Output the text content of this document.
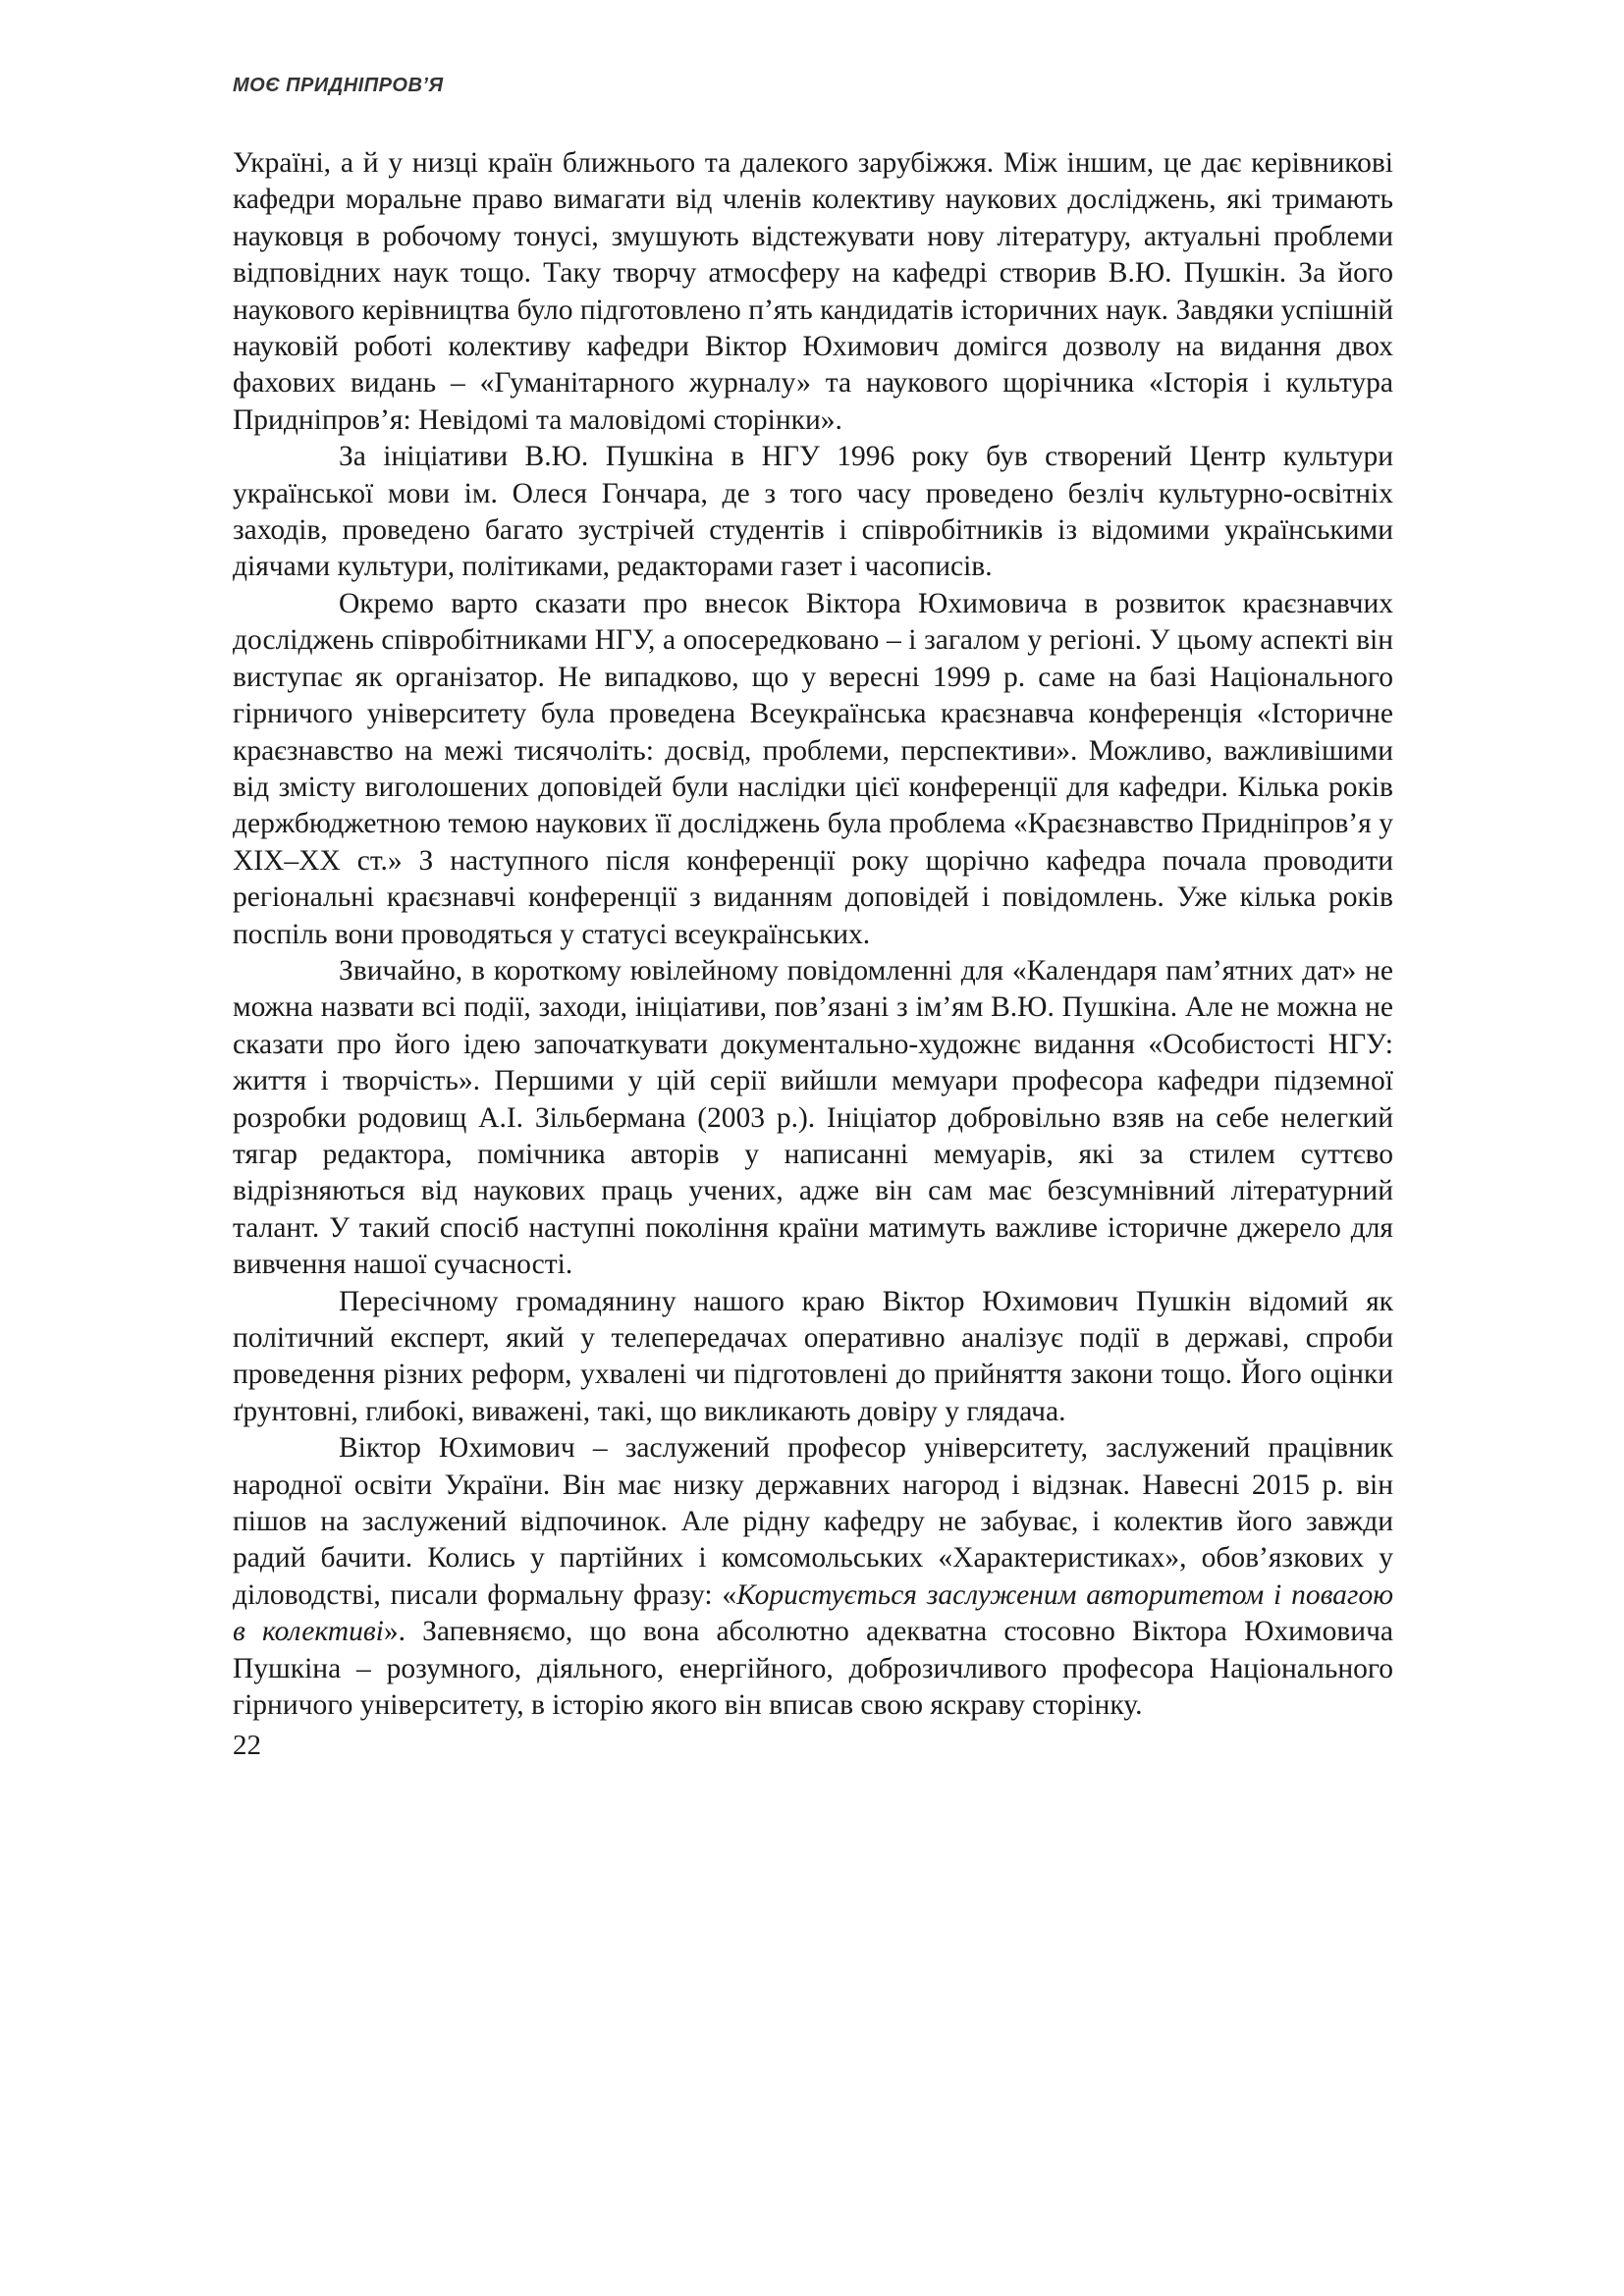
МОЄ ПРИДНІПРОВ’Я

Україні, а й у низці країн ближнього та далекого зарубіжжя. Між іншим, це дає керівникові кафедри моральне право вимагати від членів колективу наукових досліджень, які тримають науковця в робочому тонусі, змушують відстежувати нову літературу, актуальні проблеми відповідних наук тощо. Таку творчу атмосферу на кафедрі створив В.Ю. Пушкін. За його наукового керівництва було підготовлено п’ять кандидатів історичних наук. Завдяки успішній науковій роботі колективу кафедри Віктор Юхимович домігся дозволу на видання двох фахових видань – «Гуманітарного журналу» та наукового щорічника «Історія і культура Придніпров’я: Невідомі та маловідомі сторінки».

За ініціативи В.Ю. Пушкіна в НГУ 1996 року був створений Центр культури української мови ім. Олеся Гончара, де з того часу проведено безліч культурно-освітніх заходів, проведено багато зустрічей студентів і співробітників із відомими українськими діячами культури, політиками, редакторами газет і часописів.

Окремо варто сказати про внесок Віктора Юхимовича в розвиток краєзнавчих досліджень співробітниками НГУ, а опосередковано – і загалом у регіоні. У цьому аспекті він виступає як організатор. Не випадково, що у вересні 1999 р. саме на базі Національного гірничого університету була проведена Всеукраїнська краєзнавча конференція «Історичне краєзнавство на межі тисячоліть: досвід, проблеми, перспективи». Можливо, важливішими від змісту виголошених доповідей були наслідки цієї конференції для кафедри. Кілька років держбюджетною темою наукових її досліджень була проблема «Краєзнавство Придніпров’я у XIX–XX ст.» З наступного після конференції року щорічно кафедра почала проводити регіональні краєзнавчі конференції з виданням доповідей і повідомлень. Уже кілька років поспіль вони проводяться у статусі всеукраїнських.

Звичайно, в короткому ювілейному повідомленні для «Календаря пам’ятних дат» не можна назвати всі події, заходи, ініціативи, пов’язані з ім’ям В.Ю. Пушкіна. Але не можна не сказати про його ідею започаткувати документально-художнє видання «Особистості НГУ: життя і творчість». Першими у цій серії вийшли мемуари професора кафедри підземної розробки родовищ А.І. Зільбермана (2003 р.). Ініціатор добровільно взяв на себе нелегкий тягар редактора, помічника авторів у написанні мемуарів, які за стилем суттєво відрізняються від наукових праць учених, адже він сам має безсумнівний літературний талант. У такий спосіб наступні покоління країни матимуть важливе історичне джерело для вивчення нашої сучасності.

Пересічному громадянину нашого краю Віктор Юхимович Пушкін відомий як політичний експерт, який у телепередачах оперативно аналізує події в державі, спроби проведення різних реформ, ухвалені чи підготовлені до прийняття закони тощо. Його оцінки ґрунтовні, глибокі, виважені, такі, що викликають довіру у глядача.

Віктор Юхимович – заслужений професор університету, заслужений працівник народної освіти України. Він має низку державних нагород і відзнак. Навесні 2015 р. він пішов на заслужений відпочинок. Але рідну кафедру не забуває, і колектив його завжди радий бачити. Колись у партійних і комсомольських «Характеристиках», обов’язкових у діловодстві, писали формальну фразу: «Користується заслуженим авторитетом і повагою в колективі». Запевняємо, що вона абсолютно адекватна стосовно Віктора Юхимовича Пушкіна – розумного, діяльного, енергійного, доброзичливого професора Національного гірничого університету, в історію якого він вписав свою яскраву сторінку.

22
